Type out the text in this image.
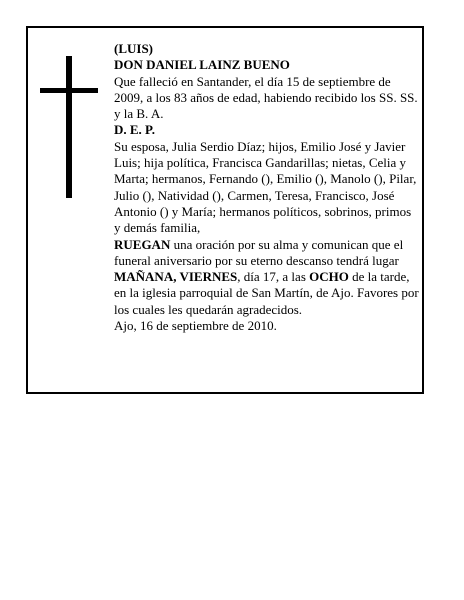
(LUIS)

DON DANIEL LAINZ BUENO

Que falleció en Santander, el día 15 de septiembre de 2009, a los 83 años de edad, habiendo recibido los SS. SS. y la B. A.

D. E. P.

Su esposa, Julia Serdio Díaz; hijos, Emilio José y Javier Luis; hija política, Francisca Gandarillas; nietas, Celia y Marta; hermanos, Fernando (), Emilio (), Manolo (), Pilar, Julio (), Natividad (), Carmen, Teresa, Francisco, José Antonio () y María; hermanos políticos, sobrinos, primos y demás familia,

RUEGAN una oración por su alma y comunican que el funeral aniversario por su eterno descanso tendrá lugar MAÑANA, VIERNES, día 17, a las OCHO de la tarde, en la iglesia parroquial de San Martín, de Ajo. Favores por los cuales les quedarán agradecidos.

Ajo, 16 de septiembre de 2010.
